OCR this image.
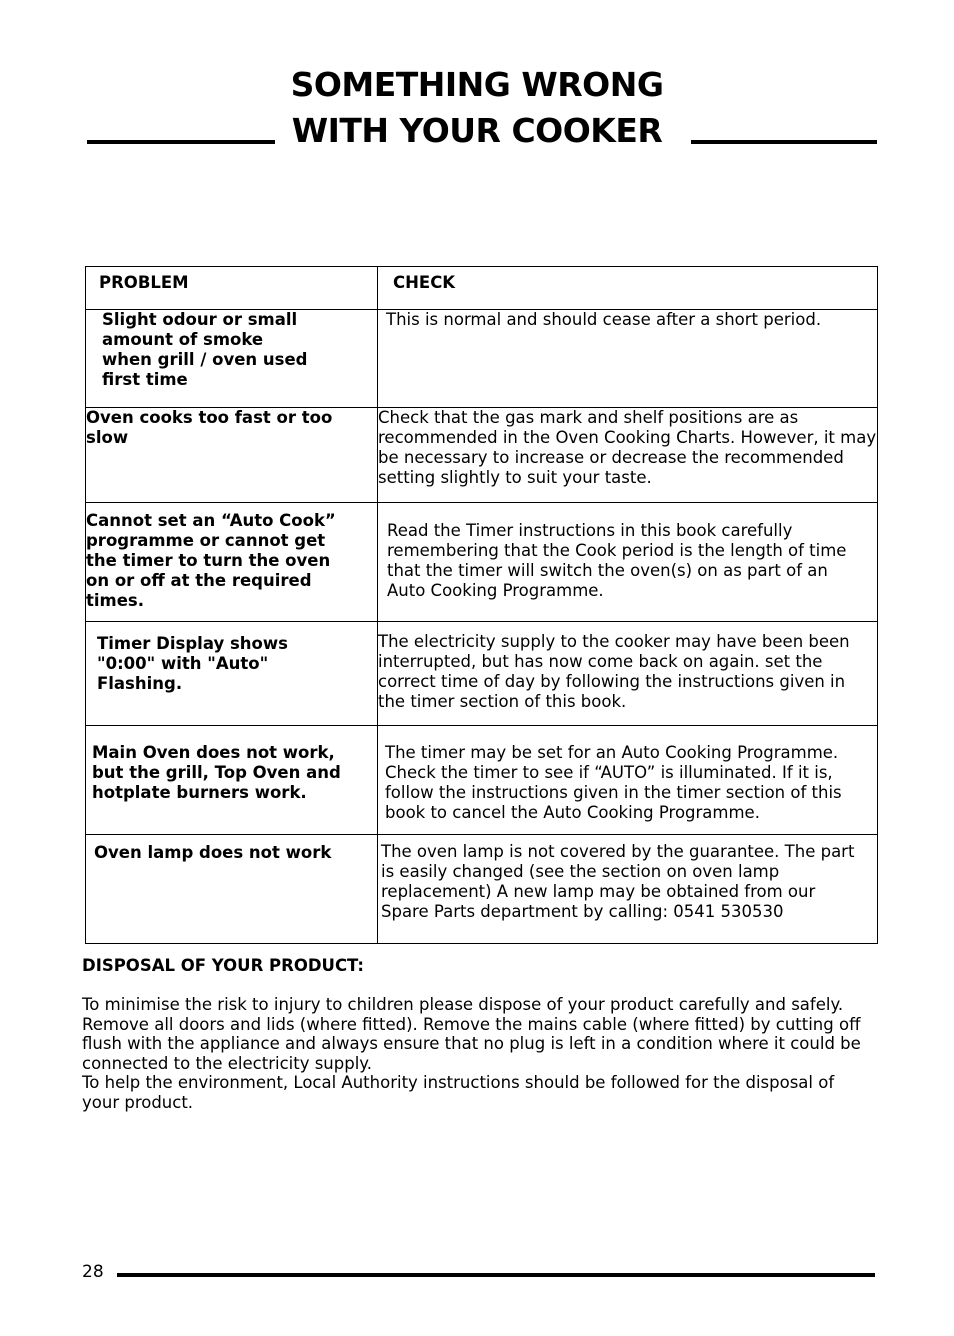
SOMETHING WRONG
WITH YOUR COOKER
PROBLEM	CHECK
Slight odour or small amount of smoke when grill / oven used first time	This is normal and should cease after a short period.
Oven cooks too fast or too slow	Check that the gas mark and shelf positions are as recommended in the Oven Cooking Charts. However, it may be necessary to increase or decrease the recommended setting slightly to suit your taste.
Cannot set an “Auto Cook” programme or cannot get the timer to turn the oven on or off at the required times.	Read the Timer instructions in this book carefully remembering that the Cook period is the length of time that the timer will switch the oven(s) on as part of an Auto Cooking Programme.
Timer Display shows "0:00" with "Auto" Flashing.	The electricity supply to the cooker may have been been interrupted, but has now come back on again. set the correct time of day by following the instructions given in the timer section of this book.
Main Oven does not work, but the grill, Top Oven and hotplate burners work.	The timer may be set for an Auto Cooking Programme. Check the timer to see if “AUTO” is illuminated. If it is, follow the instructions given in the timer section of this book to cancel the Auto Cooking Programme.
Oven lamp does not work	The oven lamp is not covered by the guarantee. The part is easily changed (see the section on oven lamp replacement) A new lamp may be obtained from our Spare Parts department by calling: 0541 530530
DISPOSAL OF YOUR PRODUCT:

To minimise the risk to injury to children please dispose of your product carefully and safely. Remove all doors and lids (where fitted). Remove the mains cable (where fitted) by cutting off flush with the appliance and always ensure that no plug is left in a condition where it could be connected to the electricity supply.

To help the environment, Local Authority instructions should be followed for the disposal of your product.

28
